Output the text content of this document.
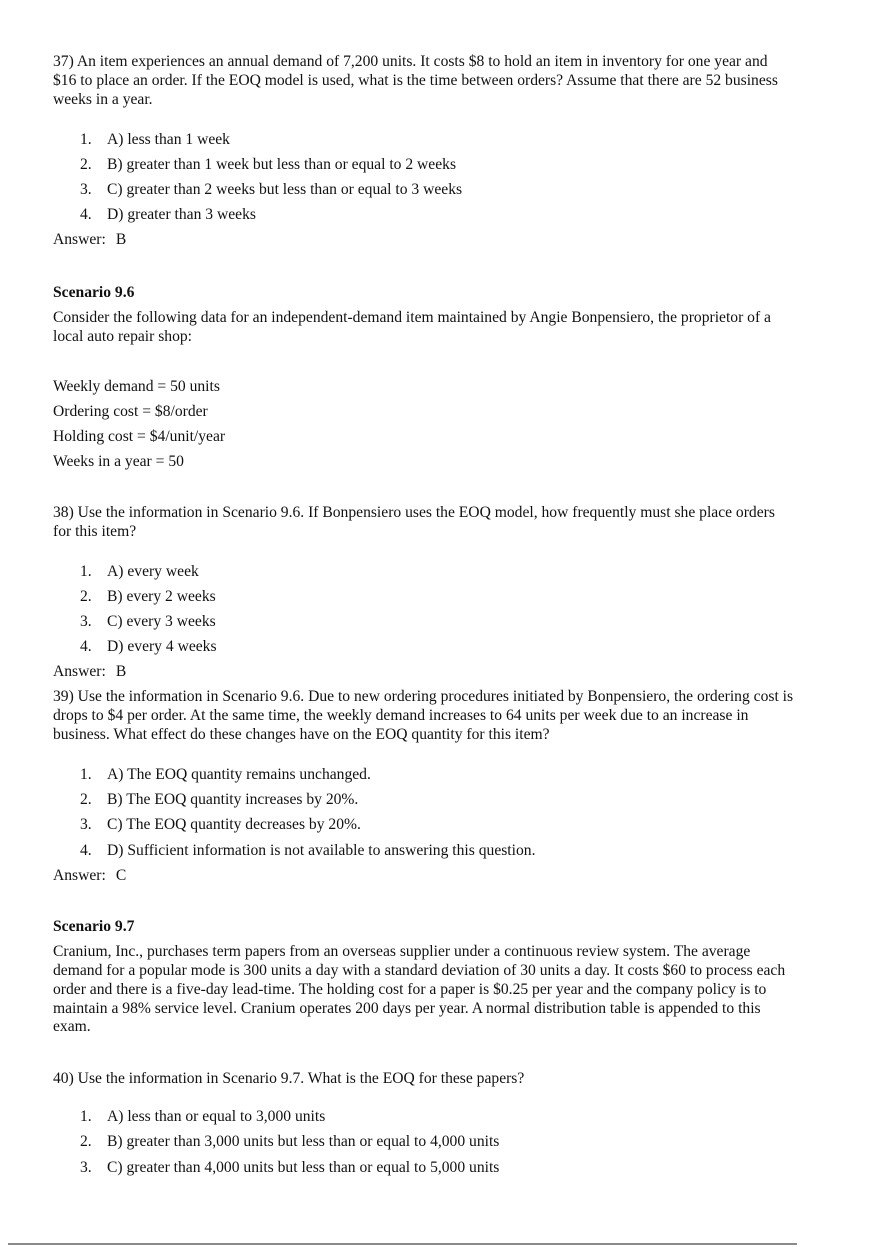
37) An item experiences an annual demand of 7,200 units. It costs $8 to hold an item in inventory for one year and
$16 to place an order. If the EOQ model is used, what is the time between orders? Assume that there are 52 business
weeks in a year.
1. A) less than 1 week
2. B) greater than 1 week but less than or equal to 2 weeks
3. C) greater than 2 weeks but less than or equal to 3 weeks
4. D) greater than 3 weeks
Answer: B
Scenario 9.6
Consider the following data for an independent-demand item maintained by Angie Bonpensiero, the proprietor of a
local auto repair shop:
Weekly demand = 50 units
Ordering cost = $8/order
Holding cost = $4/unit/year
Weeks in a year = 50
38) Use the information in Scenario 9.6. If Bonpensiero uses the EOQ model, how frequently must she place orders
for this item?
1. A) every week
2. B) every 2 weeks
3. C) every 3 weeks
4. D) every 4 weeks
Answer: B
39) Use the information in Scenario 9.6. Due to new ordering procedures initiated by Bonpensiero, the ordering cost is
drops to $4 per order. At the same time, the weekly demand increases to 64 units per week due to an increase in
business. What effect do these changes have on the EOQ quantity for this item?
1. A) The EOQ quantity remains unchanged.
2. B) The EOQ quantity increases by 20%.
3. C) The EOQ quantity decreases by 20%.
4. D) Sufficient information is not available to answering this question.
Answer: C
Scenario 9.7
Cranium, Inc., purchases term papers from an overseas supplier under a continuous review system. The average
demand for a popular mode is 300 units a day with a standard deviation of 30 units a day. It costs $60 to process each
order and there is a five-day lead-time. The holding cost for a paper is $0.25 per year and the company policy is to
maintain a 98% service level. Cranium operates 200 days per year. A normal distribution table is appended to this
exam.
40) Use the information in Scenario 9.7. What is the EOQ for these papers?
1. A) less than or equal to 3,000 units
2. B) greater than 3,000 units but less than or equal to 4,000 units
3. C) greater than 4,000 units but less than or equal to 5,000 units
